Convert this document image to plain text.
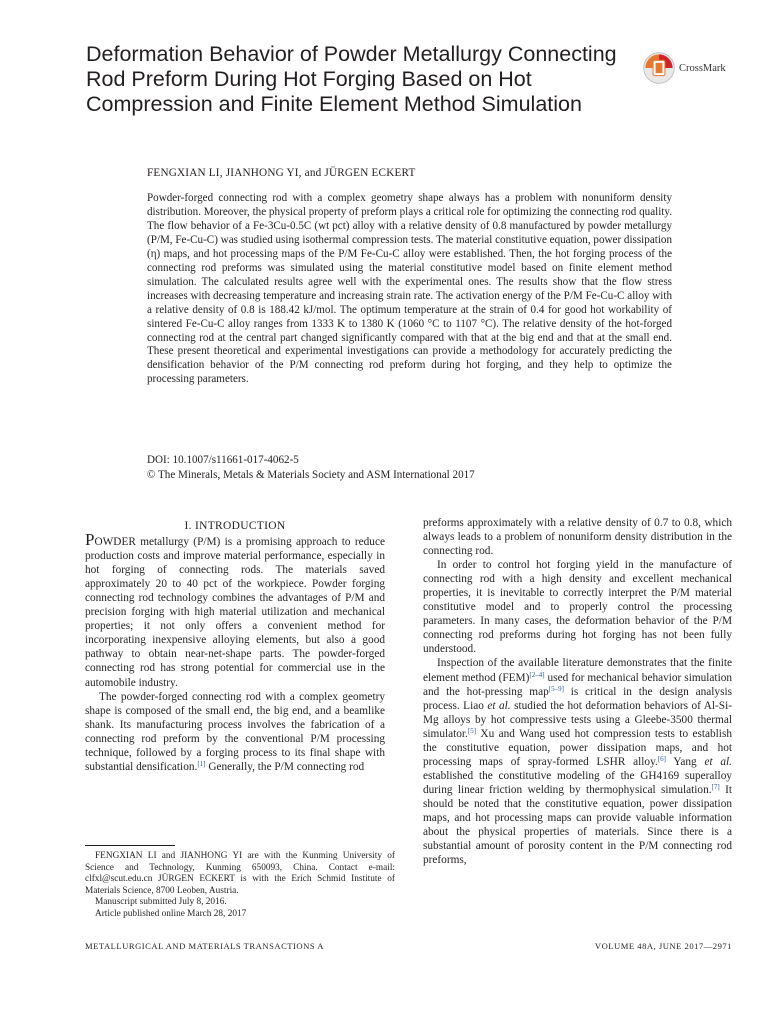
Deformation Behavior of Powder Metallurgy Connecting Rod Preform During Hot Forging Based on Hot Compression and Finite Element Method Simulation
CrossMark
FENGXIAN LI, JIANHONG YI, and JÜRGEN ECKERT

Powder-forged connecting rod with a complex geometry shape always has a problem with nonuniform density distribution. Moreover, the physical property of preform plays a critical role for optimizing the connecting rod quality. The flow behavior of a Fe-3Cu-0.5C (wt pct) alloy with a relative density of 0.8 manufactured by powder metallurgy (P/M, Fe-Cu-C) was studied using isothermal compression tests. The material constitutive equation, power dissipation (η) maps, and hot processing maps of the P/M Fe-Cu-C alloy were established. Then, the hot forging process of the connecting rod preforms was simulated using the material constitutive model based on finite element method simulation. The calculated results agree well with the experimental ones. The results show that the flow stress increases with decreasing temperature and increasing strain rate. The activation energy of the P/M Fe-Cu-C alloy with a relative density of 0.8 is 188.42 kJ/mol. The optimum temperature at the strain of 0.4 for good hot workability of sintered Fe-Cu-C alloy ranges from 1333 K to 1380 K (1060 °C to 1107 °C). The relative density of the hot-forged connecting rod at the central part changed significantly compared with that at the big end and that at the small end. These present theoretical and experimental investigations can provide a methodology for accurately predicting the densification behavior of the P/M connecting rod preform during hot forging, and they help to optimize the processing parameters.

DOI: 10.1007/s11661-017-4062-5
© The Minerals, Metals & Materials Society and ASM International 2017

I. INTRODUCTION

POWDER metallurgy (P/M) is a promising approach to reduce production costs and improve material performance, especially in hot forging of connecting rods. The materials saved approximately 20 to 40 pct of the workpiece. Powder forging connecting rod technology combines the advantages of P/M and precision forging with high material utilization and mechanical properties; it not only offers a convenient method for incorporating inexpensive alloying elements, but also a good pathway to obtain near-net-shape parts. The powder-forged connecting rod has strong potential for commercial use in the automobile industry.

The powder-forged connecting rod with a complex geometry shape is composed of the small end, the big end, and a beamlike shank. Its manufacturing process involves the fabrication of a connecting rod preform by the conventional P/M processing technique, followed by a forging process to its final shape with substantial densification.[1] Generally, the P/M connecting rod

preforms approximately with a relative density of 0.7 to 0.8, which always leads to a problem of nonuniform density distribution in the connecting rod.

In order to control hot forging yield in the manufacture of connecting rod with a high density and excellent mechanical properties, it is inevitable to correctly interpret the P/M material constitutive model and to properly control the processing parameters. In many cases, the deformation behavior of the P/M connecting rod preforms during hot forging has not been fully understood.

Inspection of the available literature demonstrates that the finite element method (FEM)[2–4] used for mechanical behavior simulation and the hot-pressing map[5–9] is critical in the design analysis process. Liao et al. studied the hot deformation behaviors of Al-Si-Mg alloys by hot compressive tests using a Gleebe-3500 thermal simulator.[5] Xu and Wang used hot compression tests to establish the constitutive equation, power dissipation maps, and hot processing maps of spray-formed LSHR alloy.[6] Yang et al. established the constitutive modeling of the GH4169 superalloy during linear friction welding by thermophysical simulation.[7] It should be noted that the constitutive equation, power dissipation maps, and hot processing maps can provide valuable information about the physical properties of materials. Since there is a substantial amount of porosity content in the P/M connecting rod preforms,

FENGXIAN LI and JIANHONG YI are with the Kunming University of Science and Technology, Kunming 650093, China. Contact e-mail: clfxl@scut.edu.cn JÜRGEN ECKERT is with the Erich Schmid Institute of Materials Science, 8700 Leoben, Austria.

Manuscript submitted July 8, 2016.

Article published online March 28, 2017

METALLURGICAL AND MATERIALS TRANSACTIONS A	VOLUME 48A, JUNE 2017—2971
